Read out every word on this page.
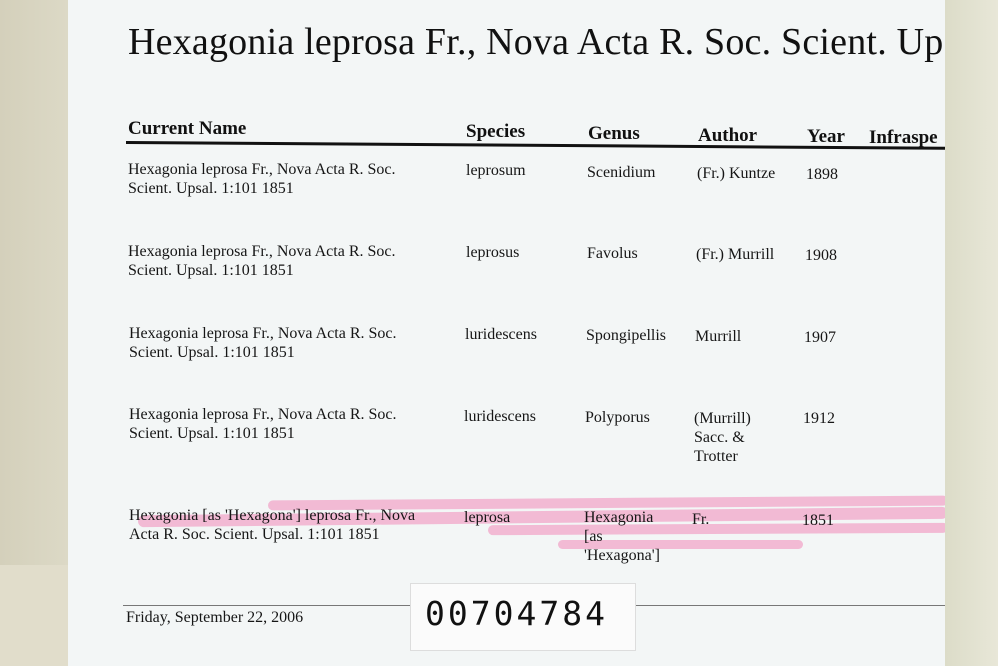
Hexagonia leprosa Fr., Nova Acta R. Soc. Scient. Up
Current Name	Species	Genus	Author	Year Infraspe
Hexagonia leprosa Fr., Nova Acta R. Soc.
Scient. Upsal. 1:101 1851
leprosum	Scenidium	(Fr.) Kuntze 1898
Hexagonia leprosa Fr., Nova Acta R. Soc.
Scient. Upsal. 1:101 1851
leprosus	Favolus	(Fr.) Murrill 1908
Hexagonia leprosa Fr., Nova Acta R. Soc.
Scient. Upsal. 1:101 1851
luridescens	Spongipellis Murrill	1907
Hexagonia leprosa Fr., Nova Acta R. Soc.
Scient. Upsal. 1:101 1851
luridescens	Polyporus	(Murrill)
Sacc. &
Trotter
1912
Hexagonia [as 'Hexagona'] leprosa Fr., Nova
Acta R. Soc. Scient. Upsal. 1:101 1851
leprosa	Hexagonia
[as
'Hexagona']
Fr.	1851
Friday, September 22, 2006	00704784
